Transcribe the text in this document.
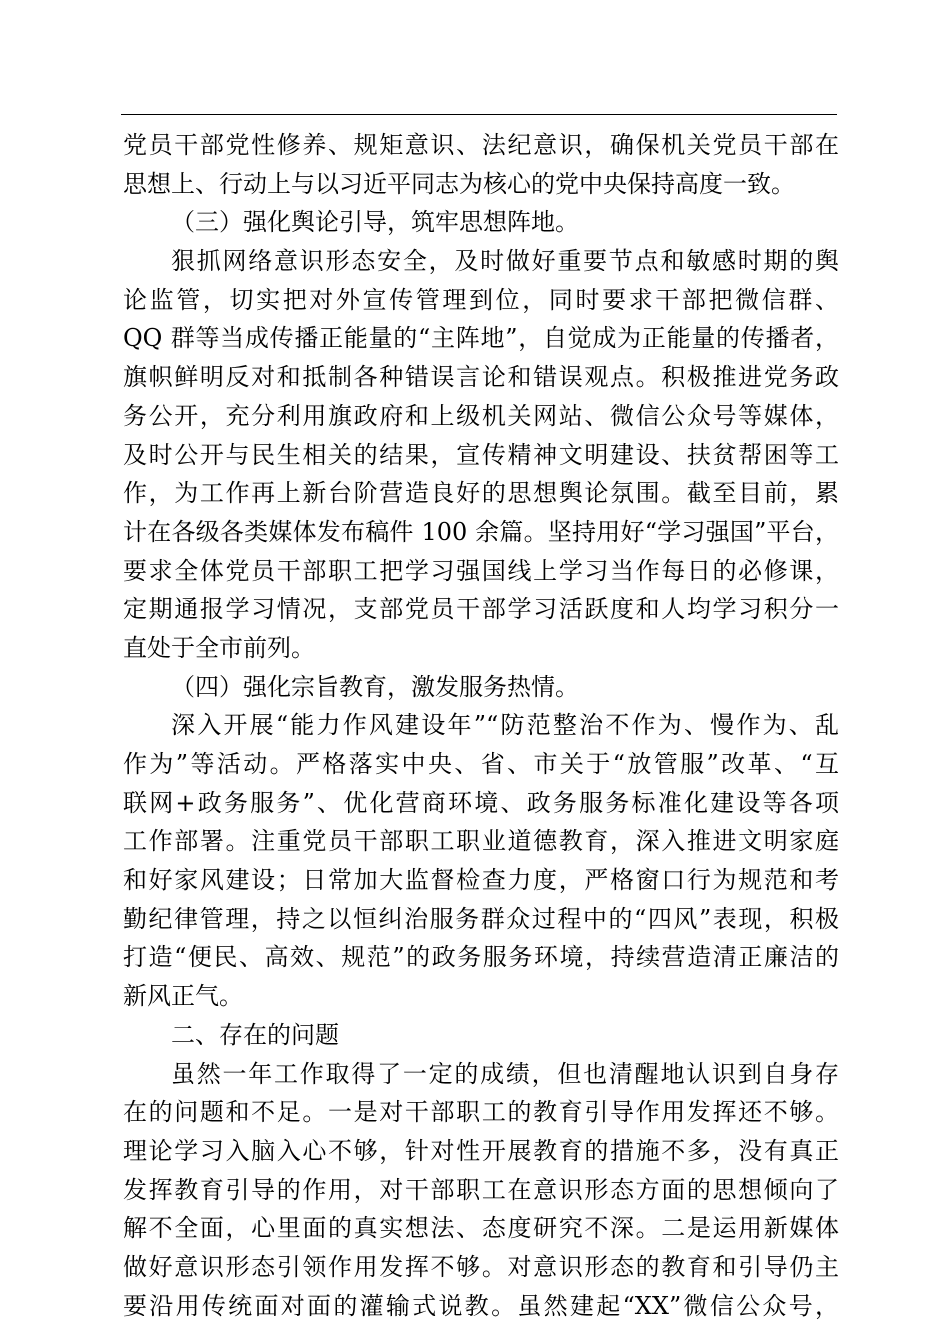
党员干部党性修养、规矩意识、法纪意识，确保机关党员干部在
思想上、行动上与以习近平同志为核心的党中央保持高度一致。
（三）强化舆论引导，筑牢思想阵地。
狠抓网络意识形态安全，及时做好重要节点和敏感时期的舆
论监管，切实把对外宣传管理到位，同时要求干部把微信群、
QQ 群等当成传播正能量的“主阵地”，自觉成为正能量的传播者，
旗帜鲜明反对和抵制各种错误言论和错误观点。积极推进党务政
务公开，充分利用旗政府和上级机关网站、微信公众号等媒体，
及时公开与民生相关的结果，宣传精神文明建设、扶贫帮困等工
作，为工作再上新台阶营造良好的思想舆论氛围。截至目前，累
计在各级各类媒体发布稿件 100 余篇。坚持用好“学习强国”平台，
要求全体党员干部职工把学习强国线上学习当作每日的必修课，
定期通报学习情况，支部党员干部学习活跃度和人均学习积分一
直处于全市前列。
（四）强化宗旨教育，激发服务热情。
深入开展“能力作风建设年”“防范整治不作为、慢作为、乱
作为”等活动。严格落实中央、省、市关于“放管服”改革、“互
联网+政务服务”、优化营商环境、政务服务标准化建设等各项
工作部署。注重党员干部职工职业道德教育，深入推进文明家庭
和好家风建设；日常加大监督检查力度，严格窗口行为规范和考
勤纪律管理，持之以恒纠治服务群众过程中的“四风”表现，积极
打造“便民、高效、规范”的政务服务环境，持续营造清正廉洁的
新风正气。
二、存在的问题
虽然一年工作取得了一定的成绩，但也清醒地认识到自身存
在的问题和不足。一是对干部职工的教育引导作用发挥还不够。
理论学习入脑入心不够，针对性开展教育的措施不多，没有真正
发挥教育引导的作用，对干部职工在意识形态方面的思想倾向了
解不全面，心里面的真实想法、态度研究不深。二是运用新媒体
做好意识形态引领作用发挥不够。对意识形态的教育和引导仍主
要沿用传统面对面的灌输式说教。虽然建起“XX”微信公众号，
